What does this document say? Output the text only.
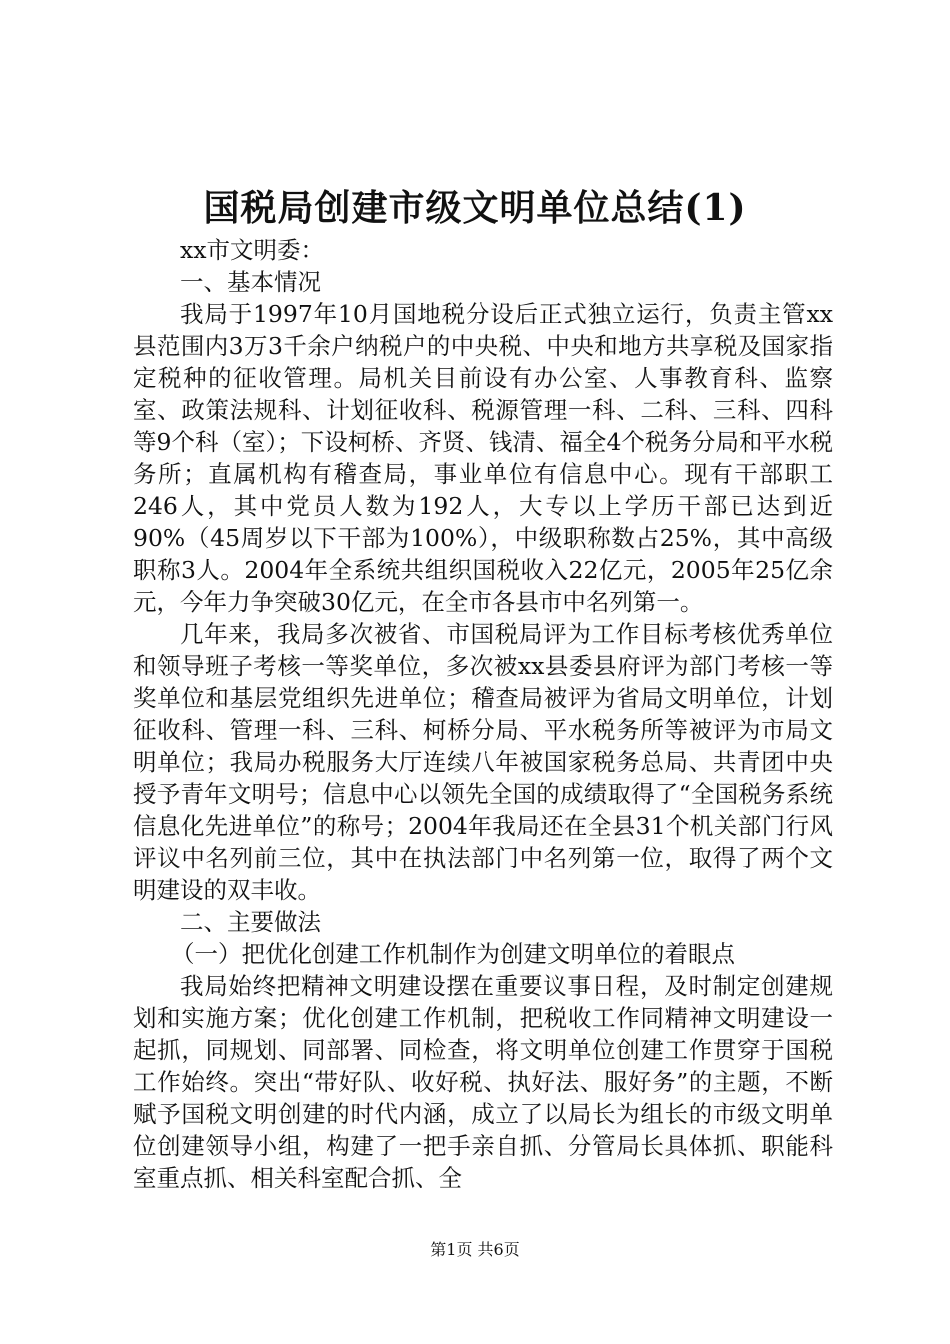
国税局创建市级文明单位总结(1)

xx市文明委：

一、基本情况

我局于1997年10月国地税分设后正式独立运行，负责主管xx县范围内3万3千余户纳税户的中央税、中央和地方共享税及国家指定税种的征收管理。局机关目前设有办公室、人事教育科、监察室、政策法规科、计划征收科、税源管理一科、二科、三科、四科等9个科（室）；下设柯桥、齐贤、钱清、福全4个税务分局和平水税务所；直属机构有稽查局，事业单位有信息中心。现有干部职工246人，其中党员人数为192人，大专以上学历干部已达到近90%（45周岁以下干部为100%），中级职称数占25%，其中高级职称3人。2004年全系统共组织国税收入22亿元，2005年25亿余元，今年力争突破30亿元，在全市各县市中名列第一。

几年来，我局多次被省、市国税局评为工作目标考核优秀单位和领导班子考核一等奖单位，多次被xx县委县府评为部门考核一等奖单位和基层党组织先进单位；稽查局被评为省局文明单位，计划征收科、管理一科、三科、柯桥分局、平水税务所等被评为市局文明单位；我局办税服务大厅连续八年被国家税务总局、共青团中央授予青年文明号；信息中心以领先全国的成绩取得了“全国税务系统信息化先进单位”的称号；2004年我局还在全县31个机关部门行风评议中名列前三位，其中在执法部门中名列第一位，取得了两个文明建设的双丰收。

二、主要做法

（一）把优化创建工作机制作为创建文明单位的着眼点

我局始终把精神文明建设摆在重要议事日程，及时制定创建规划和实施方案；优化创建工作机制，把税收工作同精神文明建设一起抓，同规划、同部署、同检查，将文明单位创建工作贯穿于国税工作始终。突出“带好队、收好税、执好法、服好务”的主题，不断赋予国税文明创建的时代内涵，成立了以局长为组长的市级文明单位创建领导小组，构建了一把手亲自抓、分管局长具体抓、职能科室重点抓、相关科室配合抓、全

第1页 共6页
